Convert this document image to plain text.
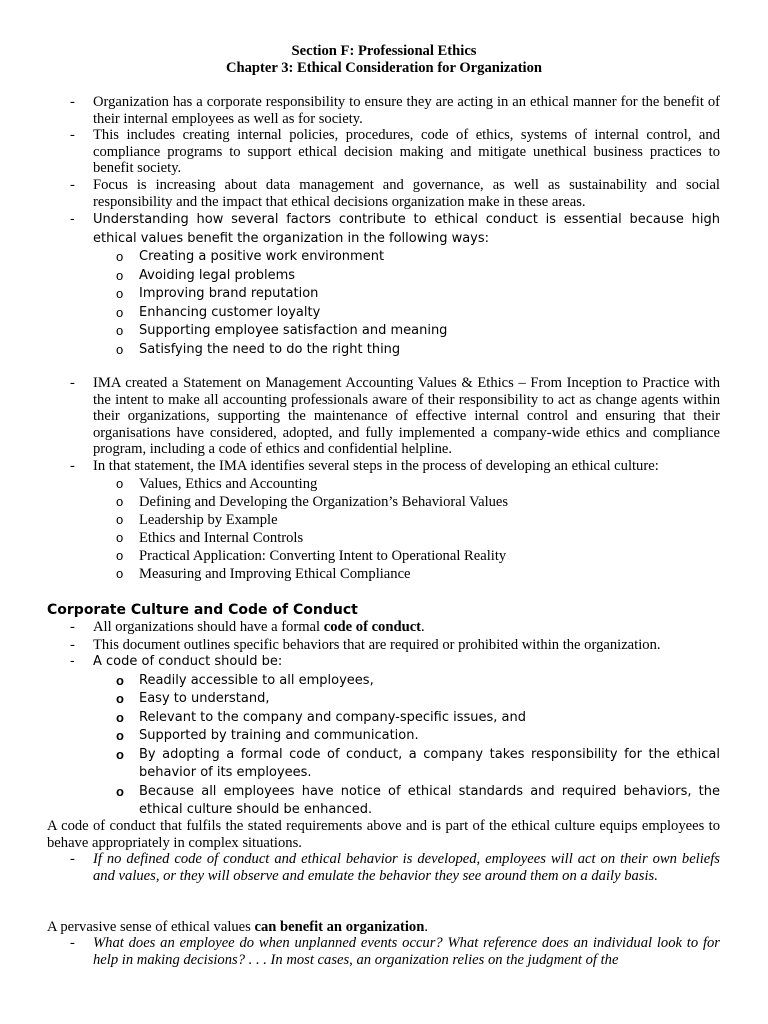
Section F: Professional Ethics
Chapter 3: Ethical Consideration for Organization
- Organization has a corporate responsibility to ensure they are acting in an ethical manner for the benefit of their internal employees as well as for society.
- This includes creating internal policies, procedures, code of ethics, systems of internal control, and compliance programs to support ethical decision making and mitigate unethical business practices to benefit society.
- Focus is increasing about data management and governance, as well as sustainability and social responsibility and the impact that ethical decisions organization make in these areas.
- Understanding how several factors contribute to ethical conduct is essential because high ethical values benefit the organization in the following ways:
o Creating a positive work environment
o Avoiding legal problems
o Improving brand reputation
o Enhancing customer loyalty
o Supporting employee satisfaction and meaning
o Satisfying the need to do the right thing
- IMA created a Statement on Management Accounting Values & Ethics – From Inception to Practice with the intent to make all accounting professionals aware of their responsibility to act as change agents within their organizations, supporting the maintenance of effective internal control and ensuring that their organisations have considered, adopted, and fully implemented a company-wide ethics and compliance program, including a code of ethics and confidential helpline.
- In that statement, the IMA identifies several steps in the process of developing an ethical culture:
o Values, Ethics and Accounting
o Defining and Developing the Organization’s Behavioral Values
o Leadership by Example
o Ethics and Internal Controls
o Practical Application: Converting Intent to Operational Reality
o Measuring and Improving Ethical Compliance
Corporate Culture and Code of Conduct
- All organizations should have a formal code of conduct.
- This document outlines specific behaviors that are required or prohibited within the organization.
- A code of conduct should be:
o Readily accessible to all employees,
o Easy to understand,
o Relevant to the company and company-specific issues, and
o Supported by training and communication.
o By adopting a formal code of conduct, a company takes responsibility for the ethical behavior of its employees.
o Because all employees have notice of ethical standards and required behaviors, the ethical culture should be enhanced.
A code of conduct that fulfils the stated requirements above and is part of the ethical culture equips employees to behave appropriately in complex situations.
- If no defined code of conduct and ethical behavior is developed, employees will act on their own beliefs and values, or they will observe and emulate the behavior they see around them on a daily basis.
A pervasive sense of ethical values can benefit an organization.
- What does an employee do when unplanned events occur? What reference does an individual look to for help in making decisions? . . . In most cases, an organization relies on the judgment of the
